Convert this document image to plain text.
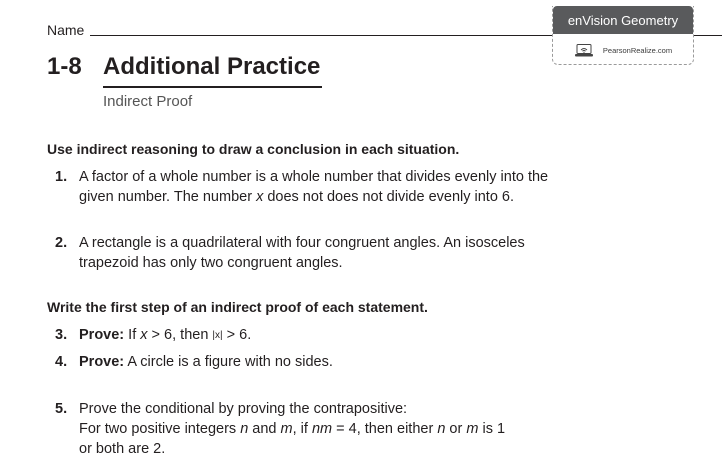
Name
enVision Geometry
PearsonRealize.com
1-8 Additional Practice
Indirect Proof
Use indirect reasoning to draw a conclusion in each situation.
1. A factor of a whole number is a whole number that divides evenly into the
given number. The number x does not does not divide evenly into 6.
2. A rectangle is a quadrilateral with four congruent angles. An isosceles
trapezoid has only two congruent angles.
Write the first step of an indirect proof of each statement.
3. Prove: If x > 6, then |x| > 6.
4. Prove: A circle is a figure with no sides.
5. Prove the conditional by proving the contrapositive:
For two positive integers n and m, if nm = 4, then either n or m is 1
or both are 2.
